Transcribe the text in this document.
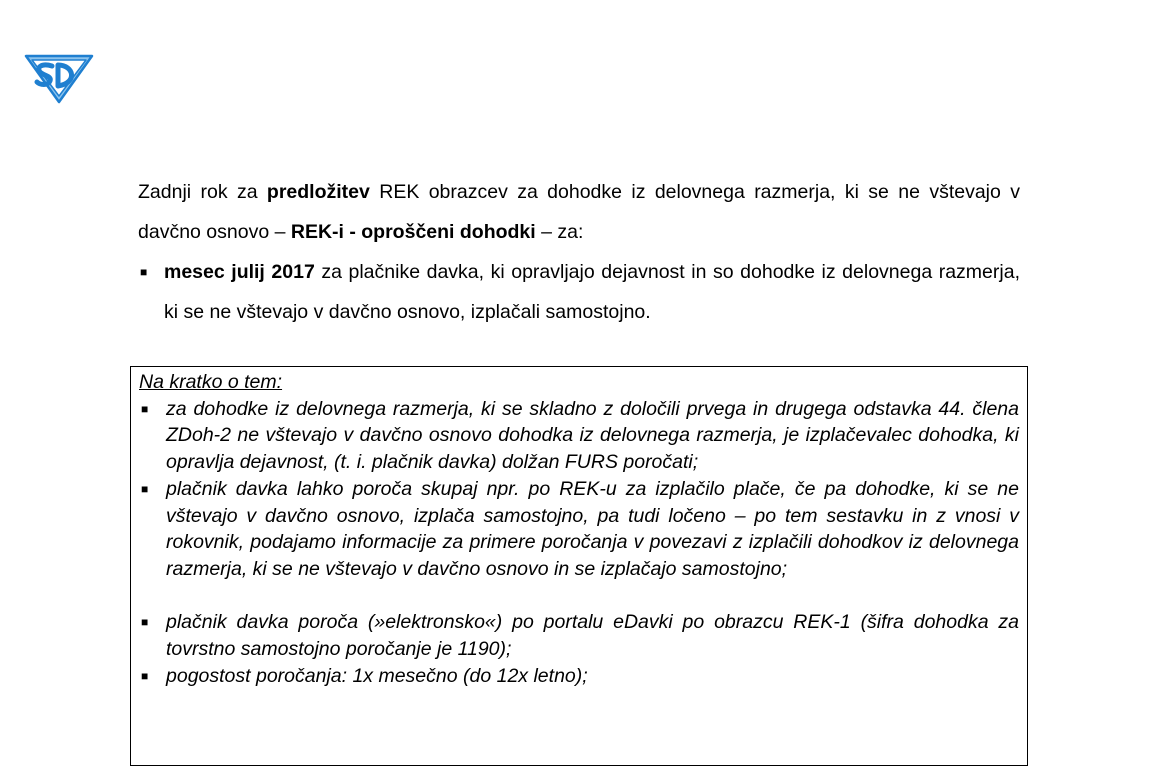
Zadnji rok za predložitev REK obrazcev za dohodke iz delovnega razmerja, ki se ne vštevajo v davčno osnovo – REK-i - oproščeni dohodki – za:

■ mesec julij 2017 za plačnike davka, ki opravljajo dejavnost in so dohodke iz delovnega razmerja, ki se ne vštevajo v davčno osnovo, izplačali samostojno.

Na kratko o tem:

■ za dohodke iz delovnega razmerja, ki se skladno z določili prvega in drugega odstavka 44. člena ZDoh-2 ne vštevajo v davčno osnovo dohodka iz delovnega razmerja, je izplačevalec dohodka, ki opravlja dejavnost, (t. i. plačnik davka) dolžan FURS poročati;
■ plačnik davka lahko poroča skupaj npr. po REK-u za izplačilo plače, če pa dohodke, ki se ne vštevajo v davčno osnovo, izplača samostojno, pa tudi ločeno – po tem sestavku in z vnosi v rokovnik, podajamo informacije za primere poročanja v povezavi z izplačili dohodkov iz delovnega razmerja, ki se ne vštevajo v davčno osnovo in se izplačajo samostojno;
■ plačnik davka poroča (»elektronsko«) po portalu eDavki po obrazcu REK-1 (šifra dohodka za tovrstno samostojno poročanje je 1190);
■ pogostost poročanja: 1x mesečno (do 12x letno);
